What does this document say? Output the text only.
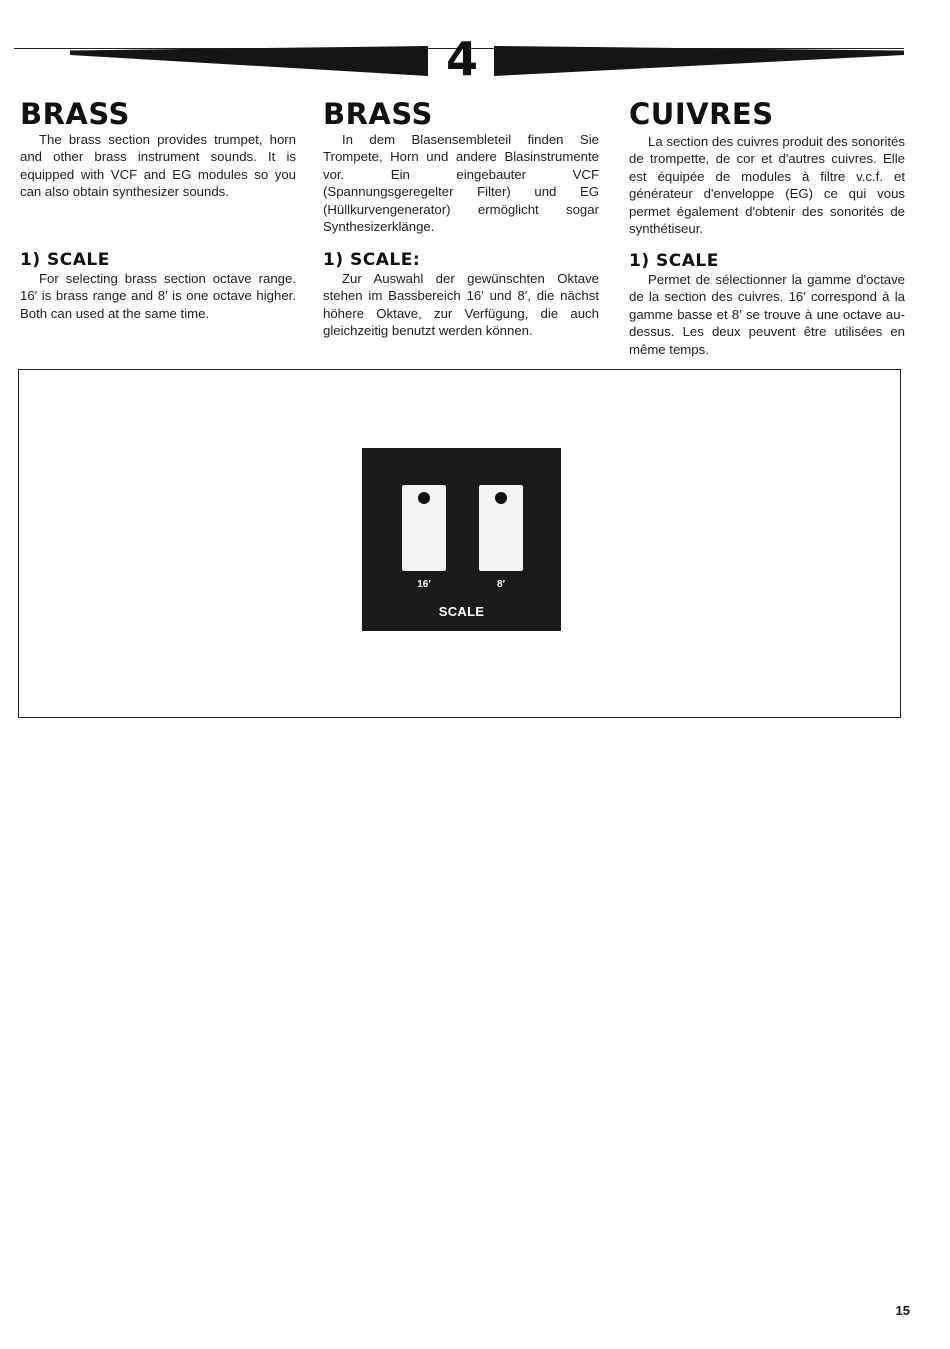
4
BRASS

The brass section provides trumpet, horn and other brass instrument sounds. It is equipped with VCF and EG modules so you can also obtain synthesizer sounds.

1) SCALE

For selecting brass section octave range. 16′ is brass range and 8′ is one octave higher. Both can used at the same time.

BRASS

In dem Blasensembleteil finden Sie Trompete, Horn und andere Blasinstrumente vor. Ein eingebauter VCF (Spannungsgeregelter Filter) und EG (Hüllkurvengenerator) ermöglicht sogar Synthesizerklänge.

1) SCALE:

Zur Auswahl der gewünschten Oktave stehen im Bassbereich 16′ und 8′, die nächst höhere Oktave, zur Verfügung, die auch gleichzeitig benutzt werden können.

CUIVRES

La section des cuivres produit des sonorités de trompette, de cor et d'autres cuivres. Elle est équipée de modules à filtre v.c.f. et générateur d'enveloppe (EG) ce qui vous permet également d'obtenir des sonorités de synthétiseur.

1) SCALE

Permet de sélectionner la gamme d'octave de la section des cuivres. 16′ correspond à la gamme basse et 8′ se trouve à une octave au-dessus. Les deux peuvent être utilisées en même temps.

16′	8′
SCALE
15
